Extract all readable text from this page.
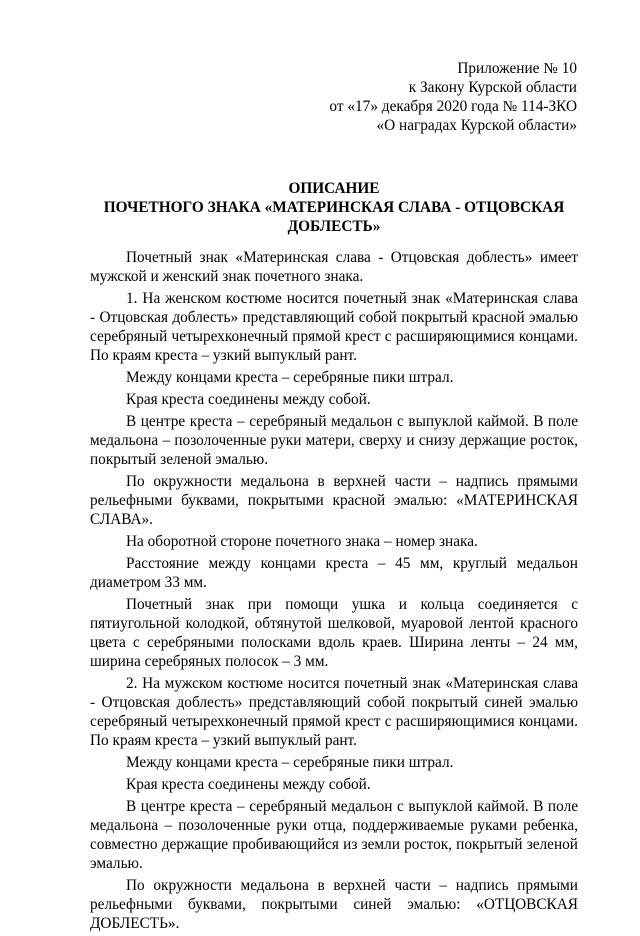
Приложение № 10
к Закону Курской области
от «17» декабря 2020 года № 114-ЗКО
«О наградах Курской области»
ОПИСАНИЕ
ПОЧЕТНОГО ЗНАКА «МАТЕРИНСКАЯ СЛАВА - ОТЦОВСКАЯ
ДОБЛЕСТЬ»

Почетный знак «Материнская слава - Отцовская доблесть» имеет мужской и женский знак почетного знака.

1. На женском костюме носится почетный знак «Материнская слава - Отцовская доблесть» представляющий собой покрытый красной эмалью серебряный четырехконечный прямой крест с расширяющимися концами. По краям креста – узкий выпуклый рант.

Между концами креста – серебряные пики штрал.

Края креста соединены между собой.

В центре креста – серебряный медальон с выпуклой каймой. В поле медальона – позолоченные руки матери, сверху и снизу держащие росток, покрытый зеленой эмалью.

По окружности медальона в верхней части – надпись прямыми рельефными буквами, покрытыми красной эмалью: «МАТЕРИНСКАЯ СЛАВА».

На оборотной стороне почетного знака – номер знака.

Расстояние между концами креста – 45 мм, круглый медальон диаметром 33 мм.

Почетный знак при помощи ушка и кольца соединяется с пятиугольной колодкой, обтянутой шелковой, муаровой лентой красного цвета с серебряными полосками вдоль краев. Ширина ленты – 24 мм, ширина серебряных полосок – 3 мм.

2. На мужском костюме носится почетный знак «Материнская слава - Отцовская доблесть» представляющий собой покрытый синей эмалью серебряный четырехконечный прямой крест с расширяющимися концами. По краям креста – узкий выпуклый рант.

Между концами креста – серебряные пики штрал.

Края креста соединены между собой.

В центре креста – серебряный медальон с выпуклой каймой. В поле медальона – позолоченные руки отца, поддерживаемые руками ребенка, совместно держащие пробивающийся из земли росток, покрытый зеленой эмалью.

По окружности медальона в верхней части – надпись прямыми рельефными буквами, покрытыми синей эмалью: «ОТЦОВСКАЯ ДОБЛЕСТЬ».
